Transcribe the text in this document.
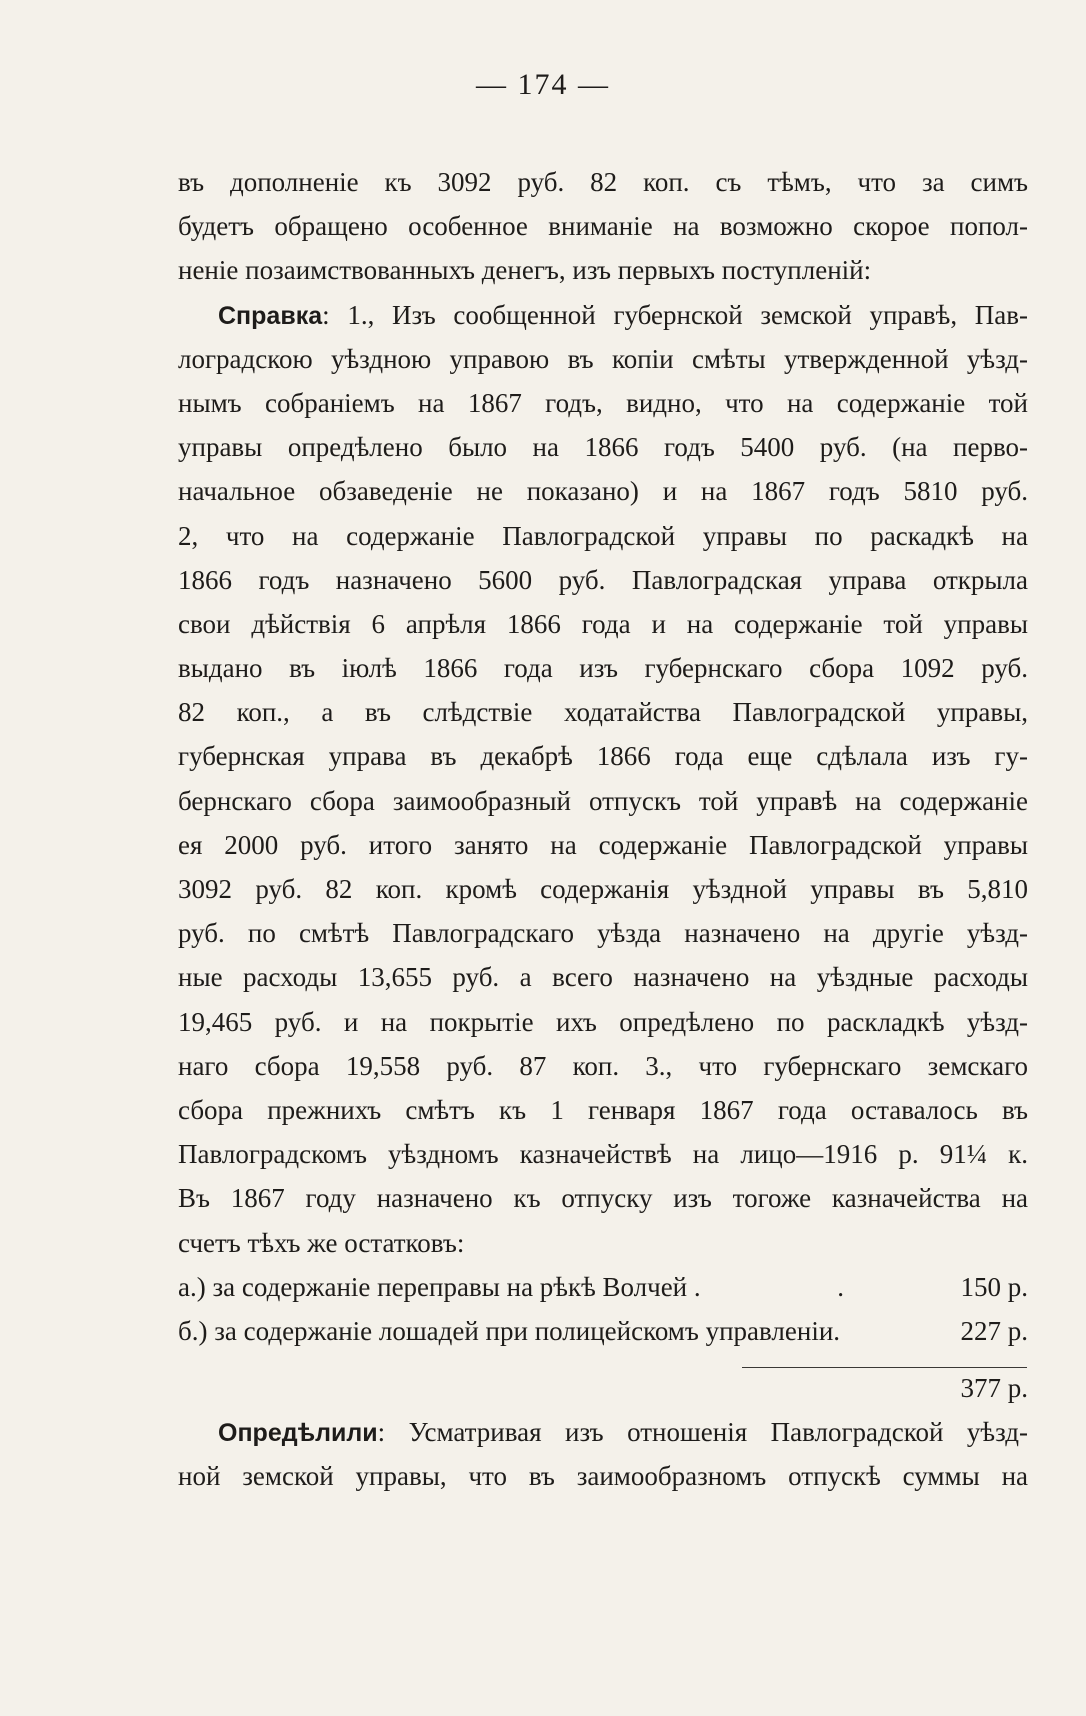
— 174 —
въ дополненіе къ 3092 руб. 82 коп. съ тѣмъ, что за симъ
будетъ обращено особенное вниманіе на возможно скорое попол-
неніе позаимствованныхъ денегъ, изъ первыхъ поступленій:
Справка: 1., Изъ сообщенной губернской земской управѣ, Пав-
лоградскою уѣздною управою въ копіи смѣты утвержденной уѣзд-
нымъ собраніемъ на 1867 годъ, видно, что на содержаніе той
управы опредѣлено было на 1866 годъ 5400 руб. (на перво-
начальное обзаведеніе не показано) и на 1867 годъ 5810 руб.
2, что на содержаніе Павлоградской управы по раскадкѣ на
1866 годъ назначено 5600 руб. Павлоградская управа открыла
свои дѣйствія 6 апрѣля 1866 года и на содержаніе той управы
выдано въ іюлѣ 1866 года изъ губернскаго сбора 1092 руб.
82 коп., а въ слѣдствіе ходатайства Павлоградской управы,
губернская управа въ декабрѣ 1866 года еще сдѣлала изъ гу-
бернскаго сбора заимообразный отпускъ той управѣ на содержаніе
ея 2000 руб. итого занято на содержаніе Павлоградской управы
3092 руб. 82 коп. кромѣ содержанія уѣздной управы въ 5,810
руб. по смѣтѣ Павлоградскаго уѣзда назначено на другіе уѣзд-
ные расходы 13,655 руб. а всего назначено на уѣздные расходы
19,465 руб. и на покрытіе ихъ опредѣлено по раскладкѣ уѣзд-
наго сбора 19,558 руб. 87 коп. 3., что губернскаго земскаго
сбора прежнихъ смѣтъ къ 1 генваря 1867 года оставалось въ
Павлоградскомъ уѣздномъ казначействѣ на лицо—1916 р. 91¼ к.
Въ 1867 году назначено къ отпуску изъ тогоже казначейства на
счетъ тѣхъ же остатковъ:
а.) за содержаніе переправы на рѣкѣ Волчей .	.	150 р.
б.) за содержаніе лошадей при полицейскомъ управленіи.	227 р.
377 р.
Опредѣлили: Усматривая изъ отношенія Павлоградской уѣзд-
ной земской управы, что въ заимообразномъ отпускѣ суммы на
